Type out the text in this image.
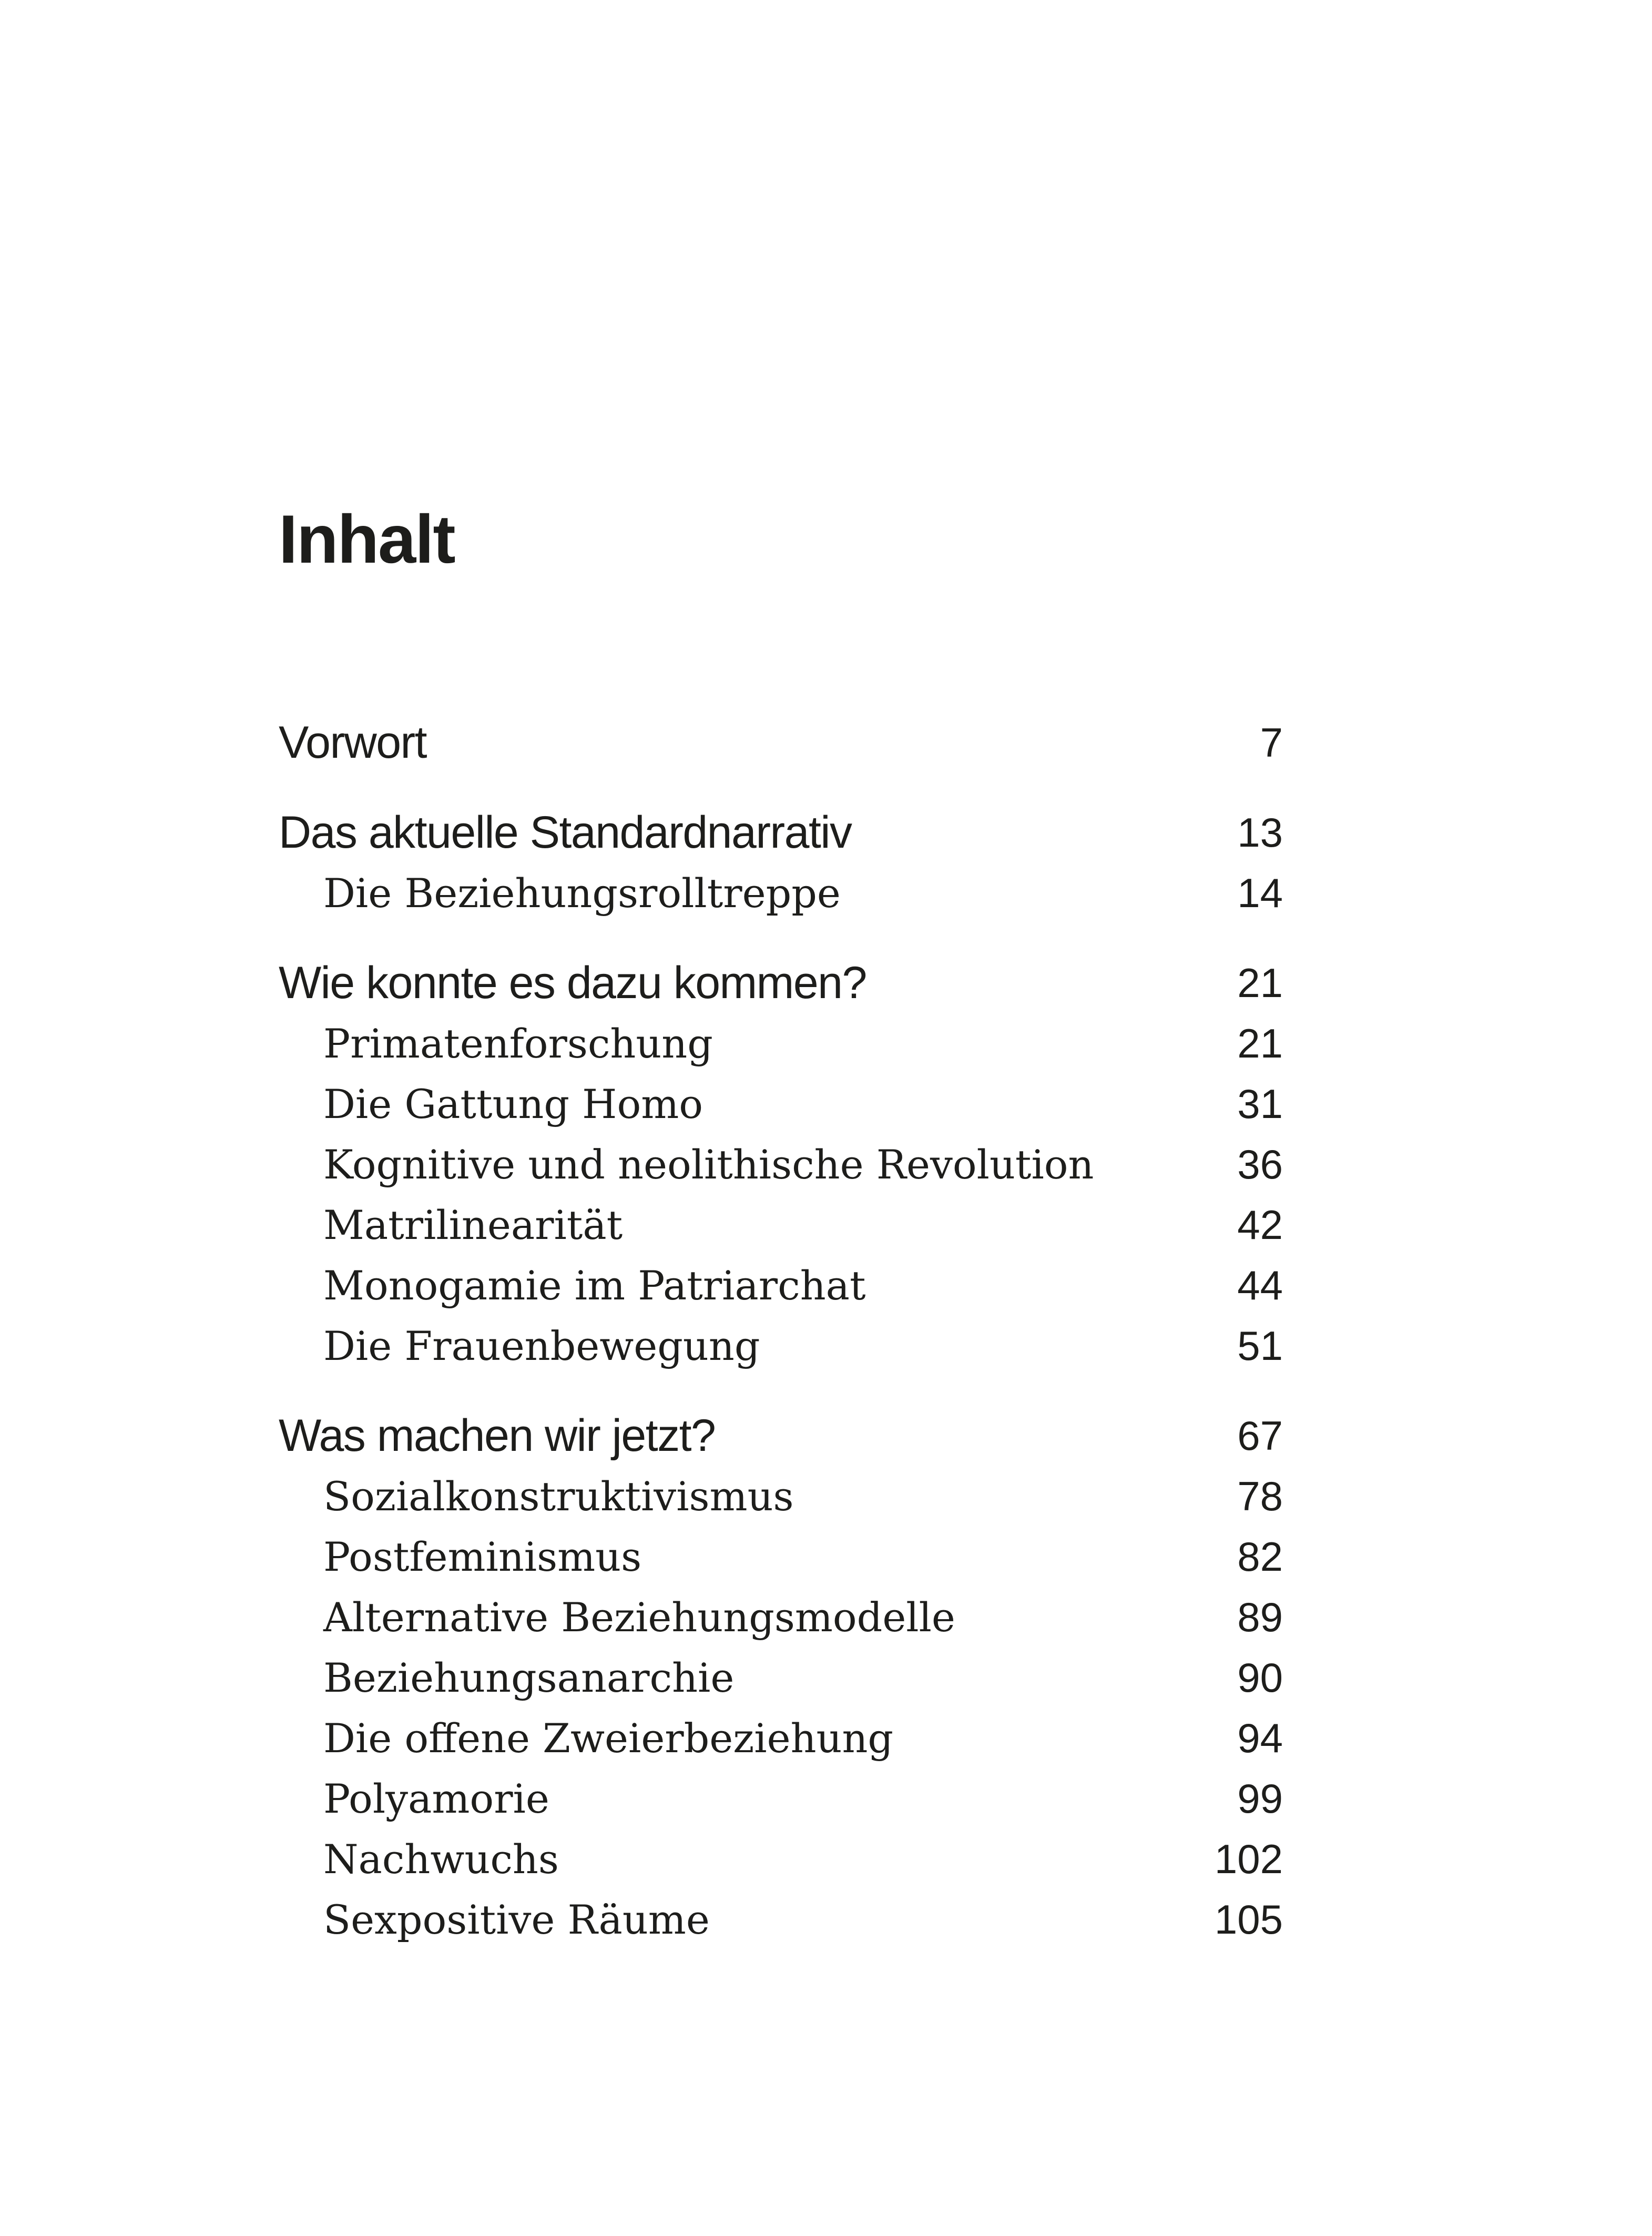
Inhalt
Vorwort	7
Das aktuelle Standardnarrativ	13
Die Beziehungsrolltreppe	14
Wie konnte es dazu kommen?	21
Primatenforschung	21
Die Gattung Homo	31
Kognitive und neolithische Revolution	36
Matrilinearität	42
Monogamie im Patriarchat	44
Die Frauenbewegung	51
Was machen wir jetzt?	67
Sozialkonstruktivismus	78
Postfeminismus	82
Alternative Beziehungsmodelle	89
Beziehungsanarchie	90
Die offene Zweierbeziehung	94
Polyamorie	99
Nachwuchs	102
Sexpositive Räume	105
